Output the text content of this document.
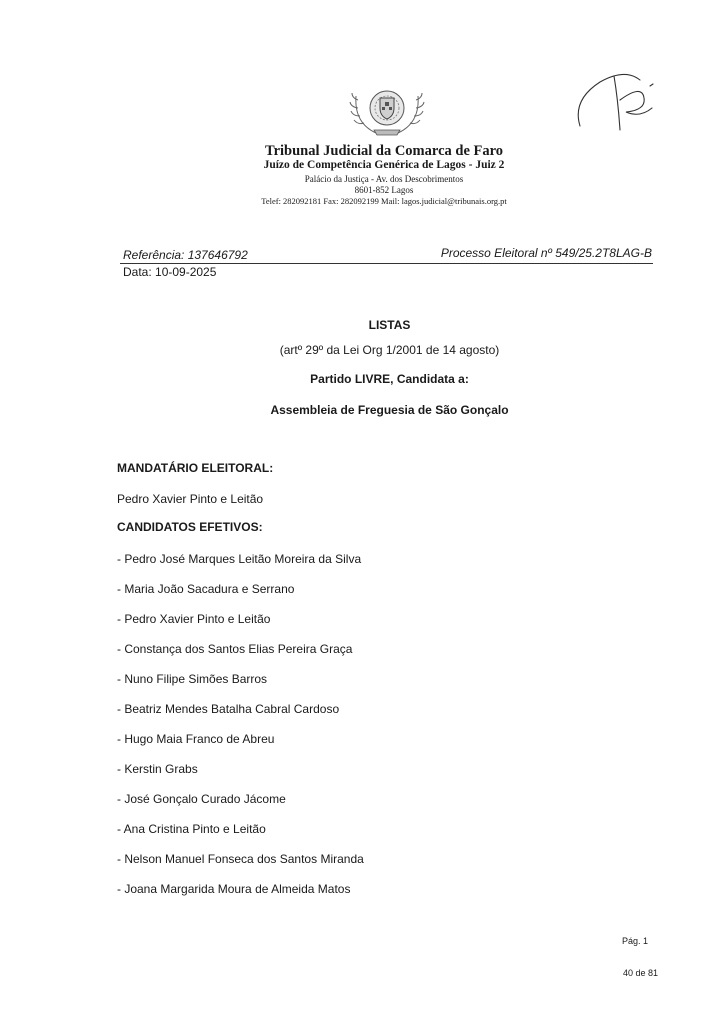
Tribunal Judicial da Comarca de Faro
Juízo de Competência Genérica de Lagos - Juiz 2
Palácio da Justiça - Av. dos Descobrimentos
8601-852 Lagos
Telef: 282092181 Fax: 282092199 Mail: lagos.judicial@tribunais.org.pt
Referência: 137646792	Processo Eleitoral nº 549/25.2T8LAG-B
Data: 10-09-2025
LISTAS
(artº 29º da Lei Org 1/2001 de 14 agosto)
Partido LIVRE, Candidata a:
Assembleia de Freguesia de São Gonçalo
MANDATÁRIO ELEITORAL:
Pedro Xavier Pinto e Leitão
CANDIDATOS EFETIVOS:
- Pedro José Marques Leitão Moreira da Silva
- Maria João Sacadura e Serrano
- Pedro Xavier Pinto e Leitão
- Constança dos Santos Elias Pereira Graça
- Nuno Filipe Simões Barros
- Beatriz Mendes Batalha Cabral Cardoso
- Hugo Maia Franco de Abreu
- Kerstin Grabs
- José Gonçalo Curado Jácome
- Ana Cristina Pinto e Leitão
- Nelson Manuel Fonseca dos Santos Miranda
- Joana Margarida Moura de Almeida Matos
Pág. 1
40 de 81
